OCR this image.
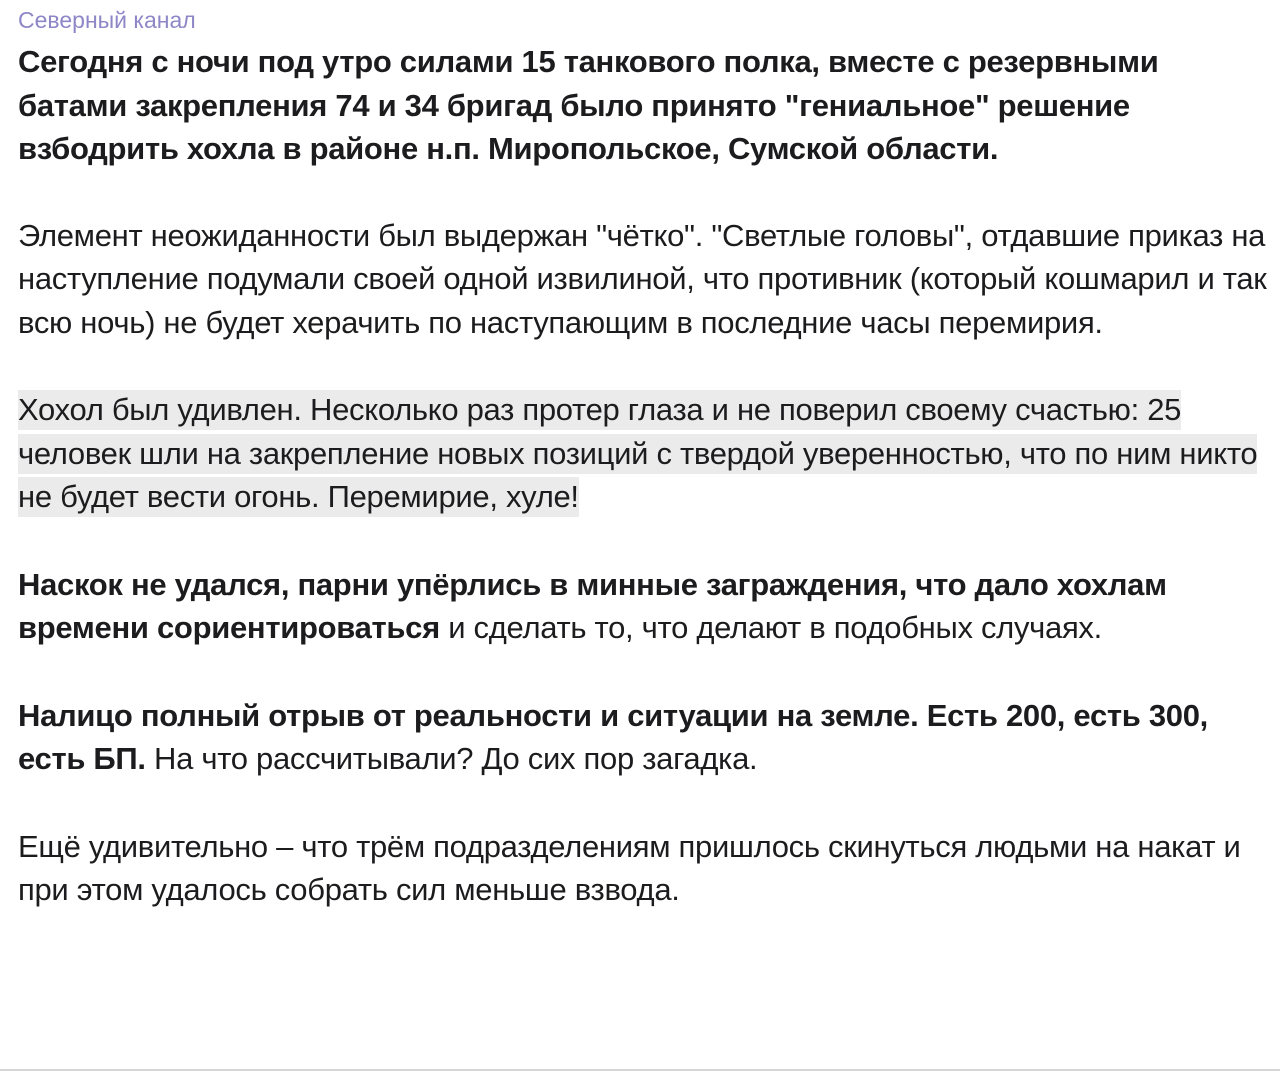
Северный канал

Сегодня с ночи под утро силами 15 танкового полка, вместе с резервными батами закрепления 74 и 34 бригад было принято "гениальное" решение взбодрить хохла в районе н.п. Миропольское, Сумской области.

Элемент неожиданности был выдержан "чётко". "Светлые головы", отдавшие приказ на наступление подумали своей одной извилиной, что противник (который кошмарил и так всю ночь) не будет херачить по наступающим в последние часы перемирия.

Хохол был удивлен. Несколько раз протер глаза и не поверил своему счастью: 25 человек шли на закрепление новых позиций с твердой уверенностью, что по ним никто не будет вести огонь. Перемирие, хуле!

Наскок не удался, парни упёрлись в минные заграждения, что дало хохлам времени сориентироваться и сделать то, что делают в подобных случаях.

Налицо полный отрыв от реальности и ситуации на земле. Есть 200, есть 300, есть БП. На что рассчитывали? До сих пор загадка.

Ещё удивительно – что трём подразделениям пришлось скинуться людьми на накат и при этом удалось собрать сил меньше взвода.
